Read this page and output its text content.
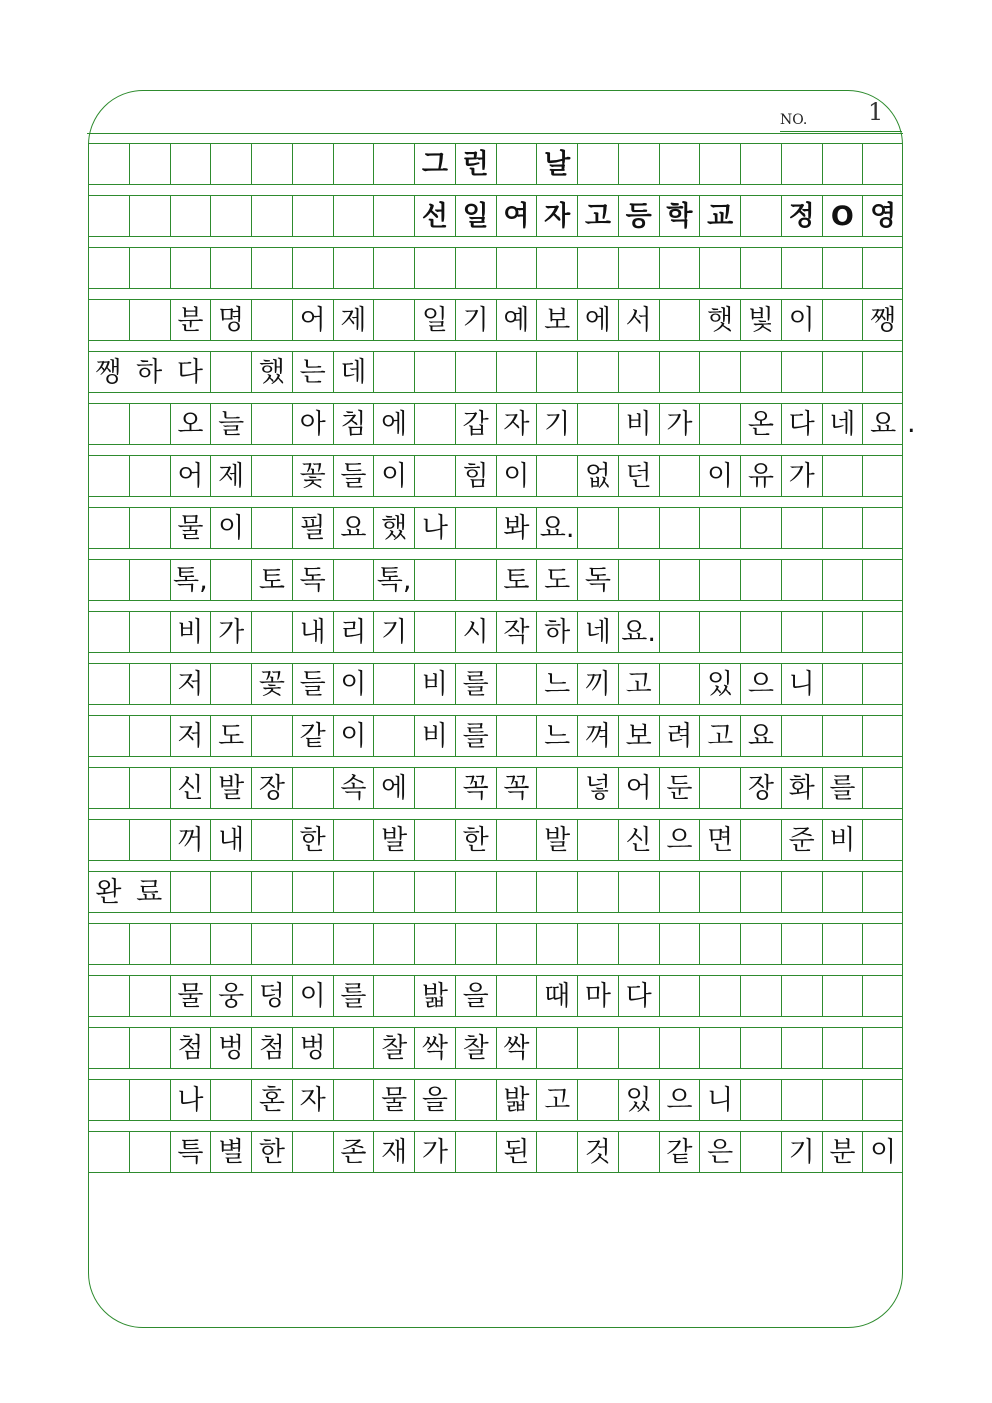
NO.	1
그 런 날
선 일 여 자 고 등 학 교 정 O 영
분 명 어 제 일 기 예 보 에 서 햇 빛 이 쨍
쨍 하 다 했 는 데
오 늘 아 침 에 갑 자 기 비 가 온 다 네 요 .
어 제 꽃 들 이 힘 이 없 던 이 유 가
물 이 필 요 했 나 봐 요.
톡, 토 독 톡,	토 도 독
비 가 내 리 기 시 작 하 네 요.
저 꽃 들 이 비 를 느 끼 고 있 으 니
저 도 같 이 비 를 느 껴 보 려 고 요
신 발 장 속 에 꼭 꼭 넣 어 둔 장 화 를
꺼 내 한 발 한 발 신 으 면 준 비
완 료
물 웅 덩 이 를 밟 을 때 마 다
첨 벙 첨 벙 찰 싹 찰 싹
나 혼 자 물 을 밟 고 있 으 니
특 별 한 존 재 가 된 것 같 은 기 분 이
